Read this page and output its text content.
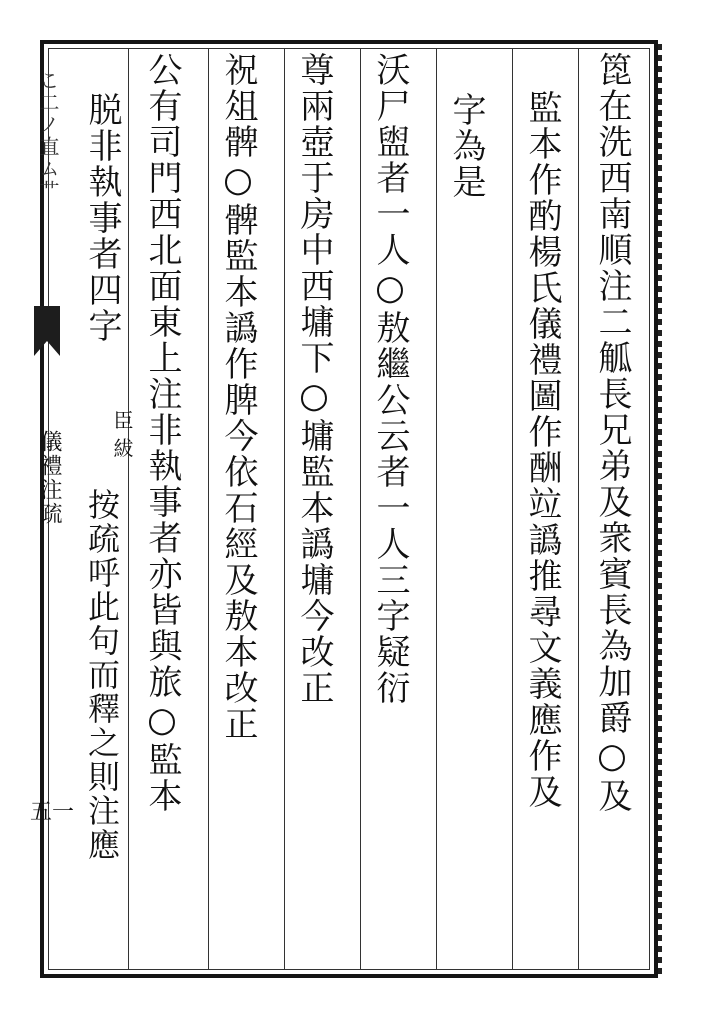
箆在洗西南順注二觚長兄弟及衆賓長為加爵○及
監本作酌楊氏儀禮圖作酬竝譌推尋文義應作及
字為是
沃尸盥者一人○敖繼公云者一人三字疑衍
尊兩壺于房中西墉下○墉監本譌墉今改正
祝俎髀○髀監本譌作脾今依石經及敖本改正
公有司門西北面東上注非執事者亦皆與旅○監本
臣紱
按疏呼此句而釋之則注應
脱非執事者四字
こ二ノ直ム艹
儀禮注疏
五一
